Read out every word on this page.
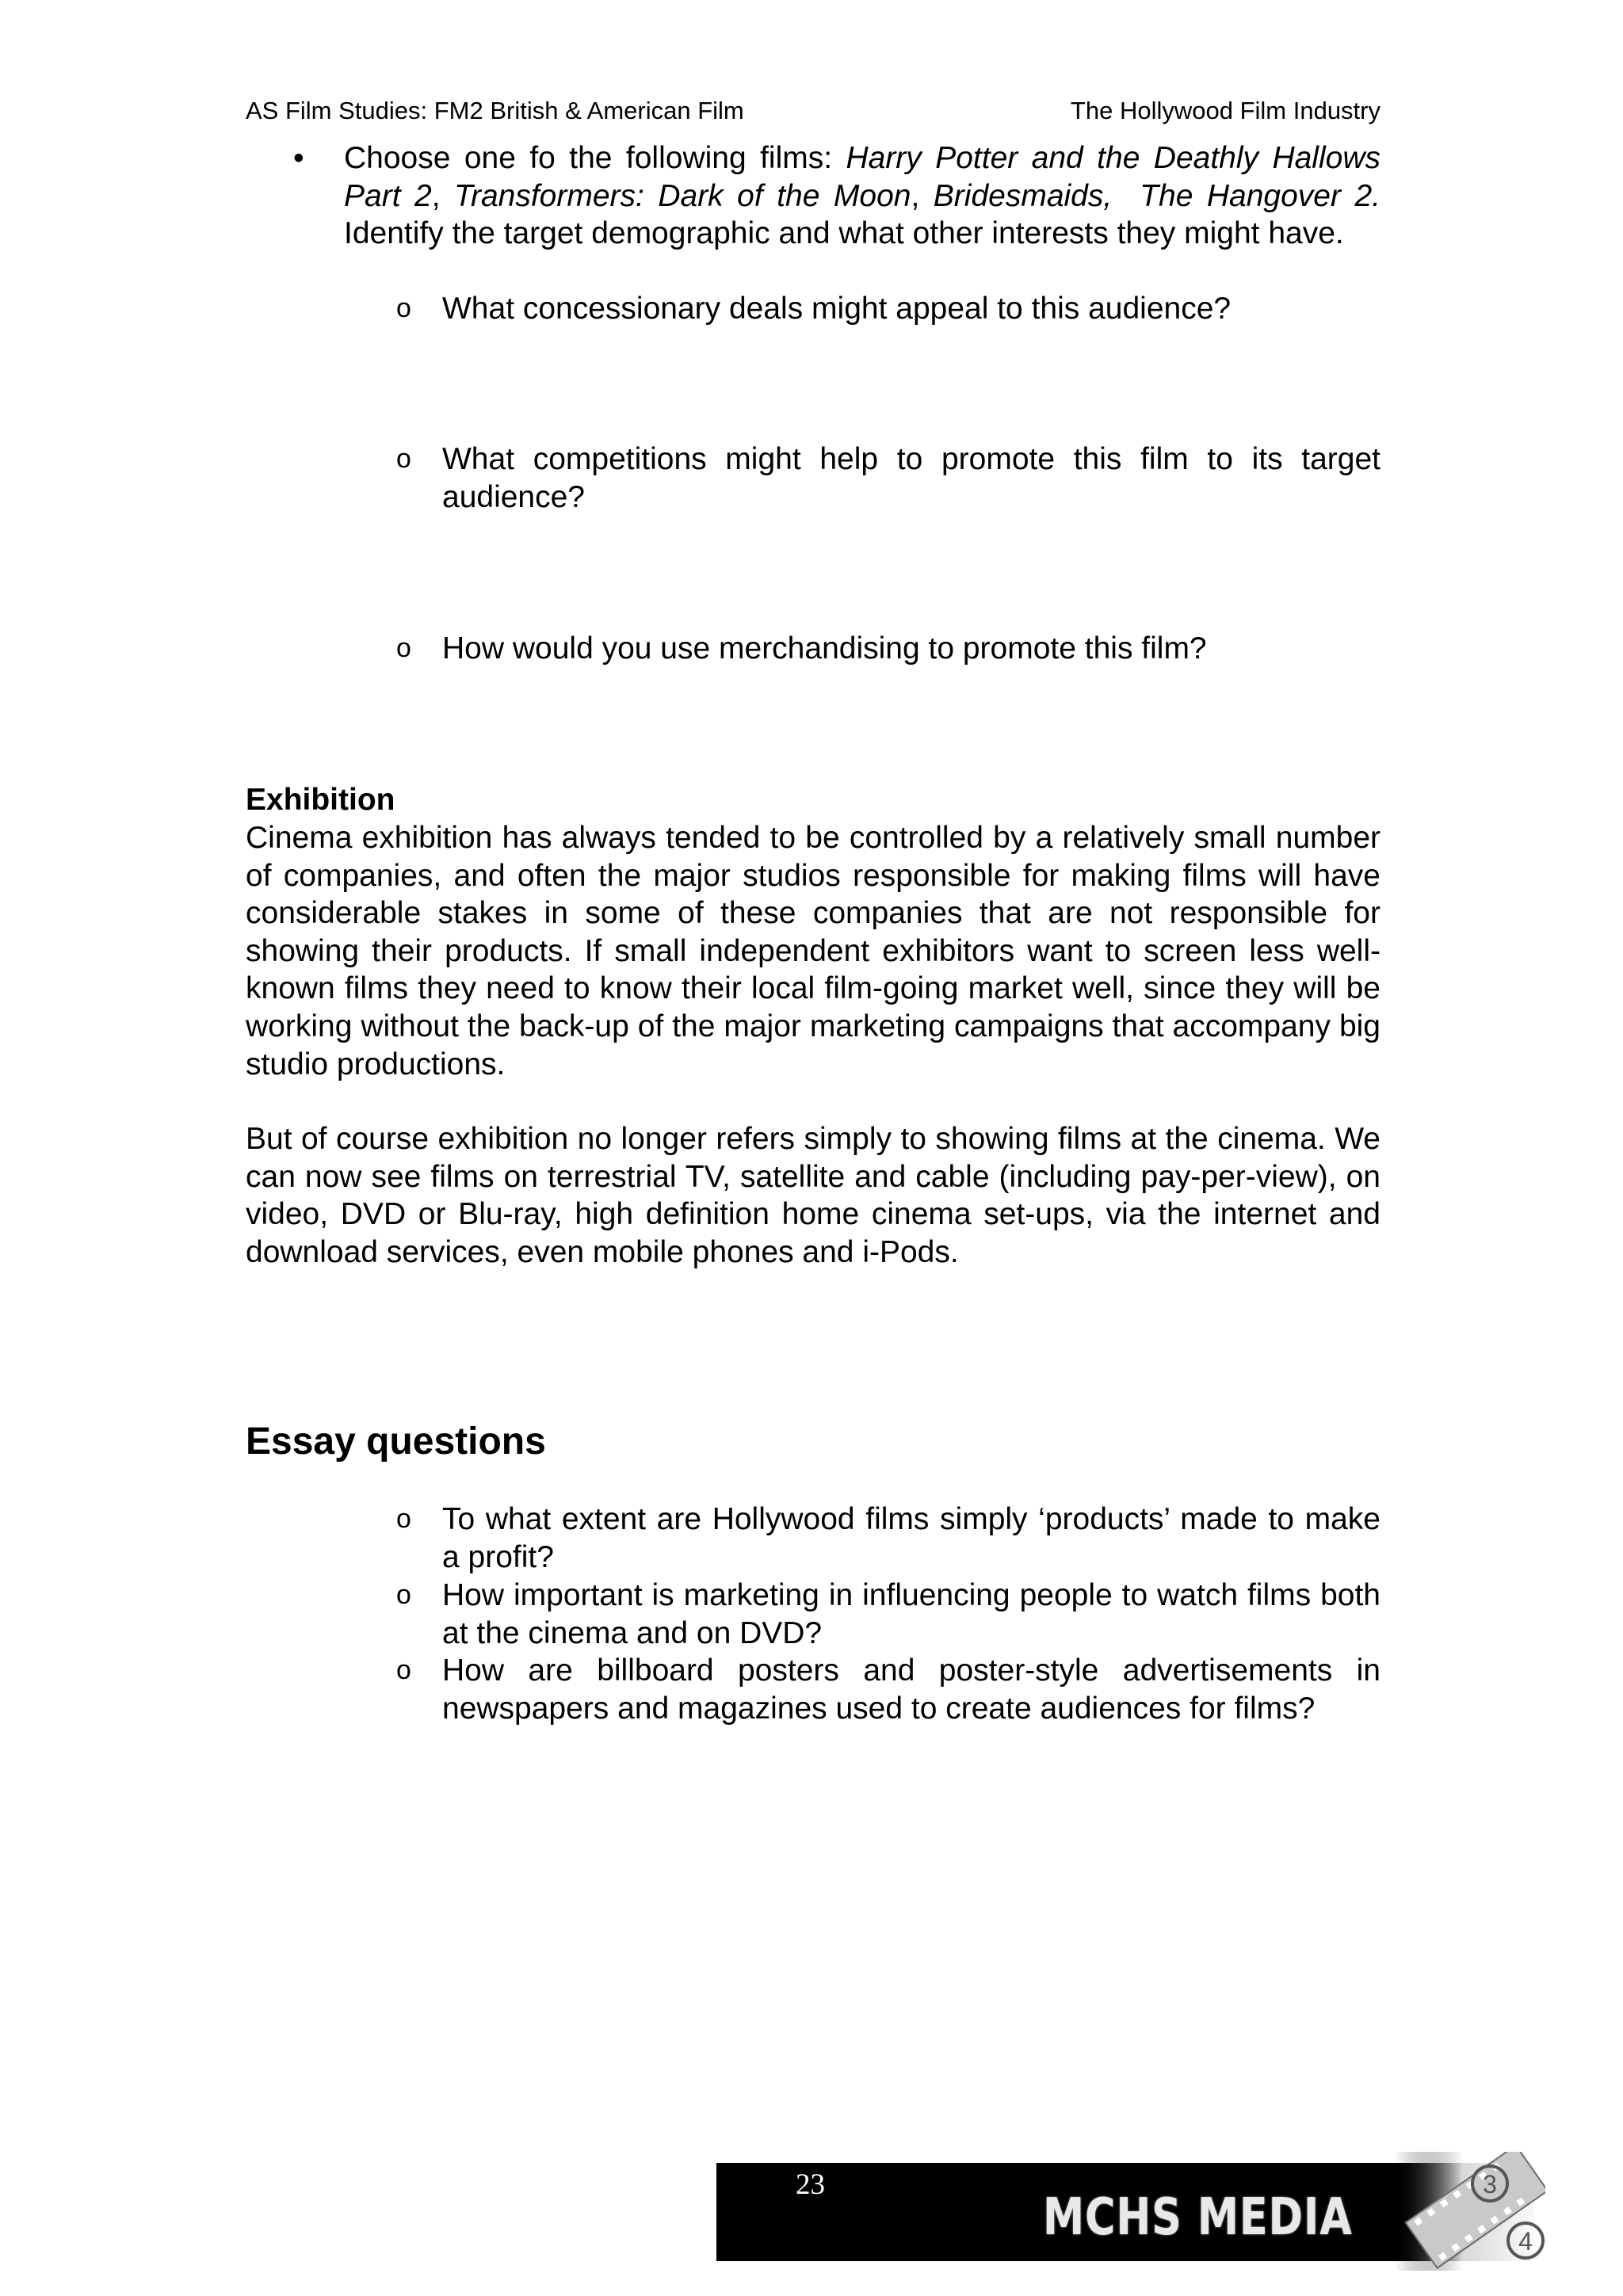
AS Film Studies: FM2 British & American Film	The Hollywood Film Industry
• Choose one fo the following films: Harry Potter and the Deathly Hallows Part 2, Transformers: Dark of the Moon, Bridesmaids, The Hangover 2. Identify the target demographic and what other interests they might have.
o What concessionary deals might appeal to this audience?
o What competitions might help to promote this film to its target audience?
o How would you use merchandising to promote this film?
Exhibition
Cinema exhibition has always tended to be controlled by a relatively small number of companies, and often the major studios responsible for making films will have considerable stakes in some of these companies that are not responsible for showing their products. If small independent exhibitors want to screen less well-known films they need to know their local film-going market well, since they will be working without the back-up of the major marketing campaigns that accompany big studio productions.
But of course exhibition no longer refers simply to showing films at the cinema. We can now see films on terrestrial TV, satellite and cable (including pay-per-view), on video, DVD or Blu-ray, high definition home cinema set-ups, via the internet and download services, even mobile phones and i-Pods.
Essay questions
o To what extent are Hollywood films simply ‘products’ made to make a profit?
o How important is marketing in influencing people to watch films both at the cinema and on DVD?
o How are billboard posters and poster-style advertisements in newspapers and magazines used to create audiences for films?
23
MCHS MEDIA
3
4
